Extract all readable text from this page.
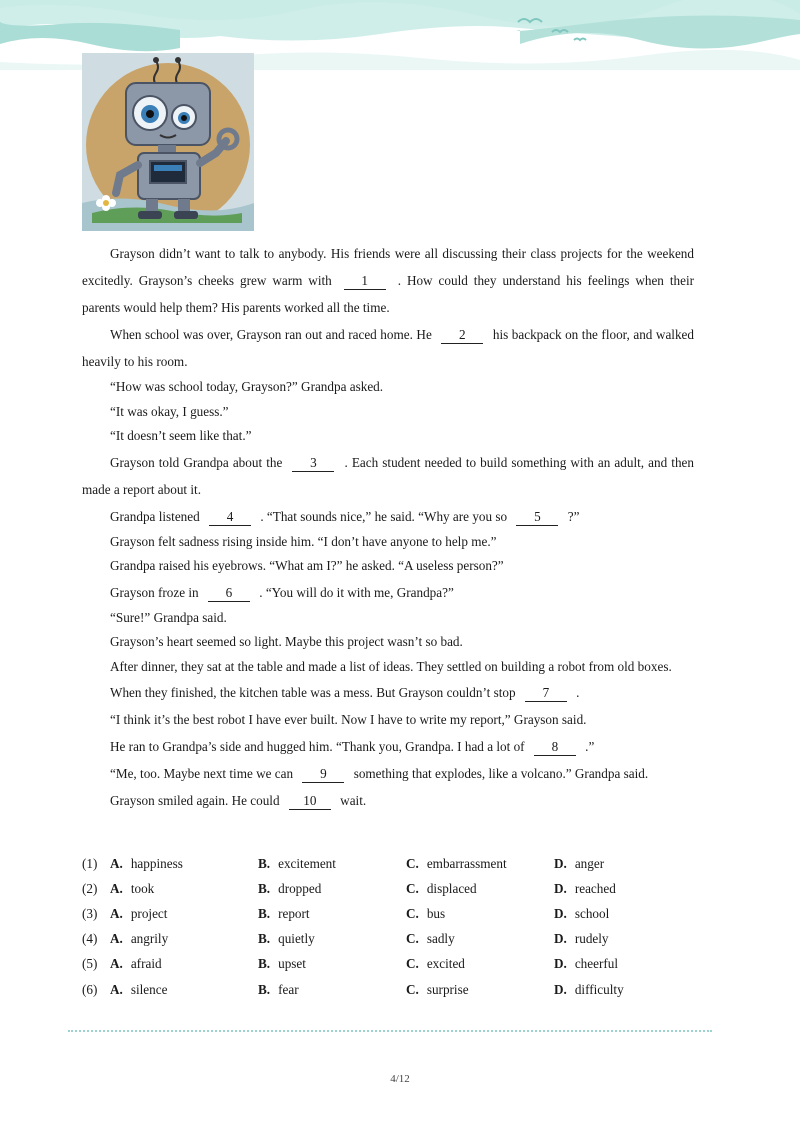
Grayson didn’t want to talk to anybody. His friends were all discussing their class projects for the weekend excitedly. Grayson’s cheeks grew warm with 1 . How could they understand his feelings when their parents would help them? His parents worked all the time.

When school was over, Grayson ran out and raced home. He 2 his backpack on the floor, and walked heavily to his room.

“How was school today, Grayson?” Grandpa asked.

“It was okay, I guess.”

“It doesn’t seem like that.”

Grayson told Grandpa about the 3 . Each student needed to build something with an adult, and then made a report about it.

Grandpa listened 4 . “That sounds nice,” he said. “Why are you so 5 ?”

Grayson felt sadness rising inside him. “I don’t have anyone to help me.”

Grandpa raised his eyebrows. “What am I?” he asked. “A useless person?”

Grayson froze in 6 . “You will do it with me, Grandpa?”

“Sure!” Grandpa said.

Grayson’s heart seemed so light. Maybe this project wasn’t so bad.

After dinner, they sat at the table and made a list of ideas. They settled on building a robot from old boxes.

When they finished, the kitchen table was a mess. But Grayson couldn’t stop 7 .

“I think it’s the best robot I have ever built. Now I have to write my report,” Grayson said.

He ran to Grandpa’s side and hugged him. “Thank you, Grandpa. I had a lot of 8 .”

“Me, too. Maybe next time we can 9 something that explodes, like a volcano.” Grandpa said.

Grayson smiled again. He could 10 wait.

(1) A. happiness	B. excitement	C. embarrassment	D. anger
(2) A. took	B. dropped	C. displaced	D. reached
(3) A. project	B. report	C. bus	D. school
(4) A. angrily	B. quietly	C. sadly	D. rudely
(5) A. afraid	B. upset	C. excited	D. cheerful
(6) A. silence	B. fear	C. surprise	D. difficulty
4/12
